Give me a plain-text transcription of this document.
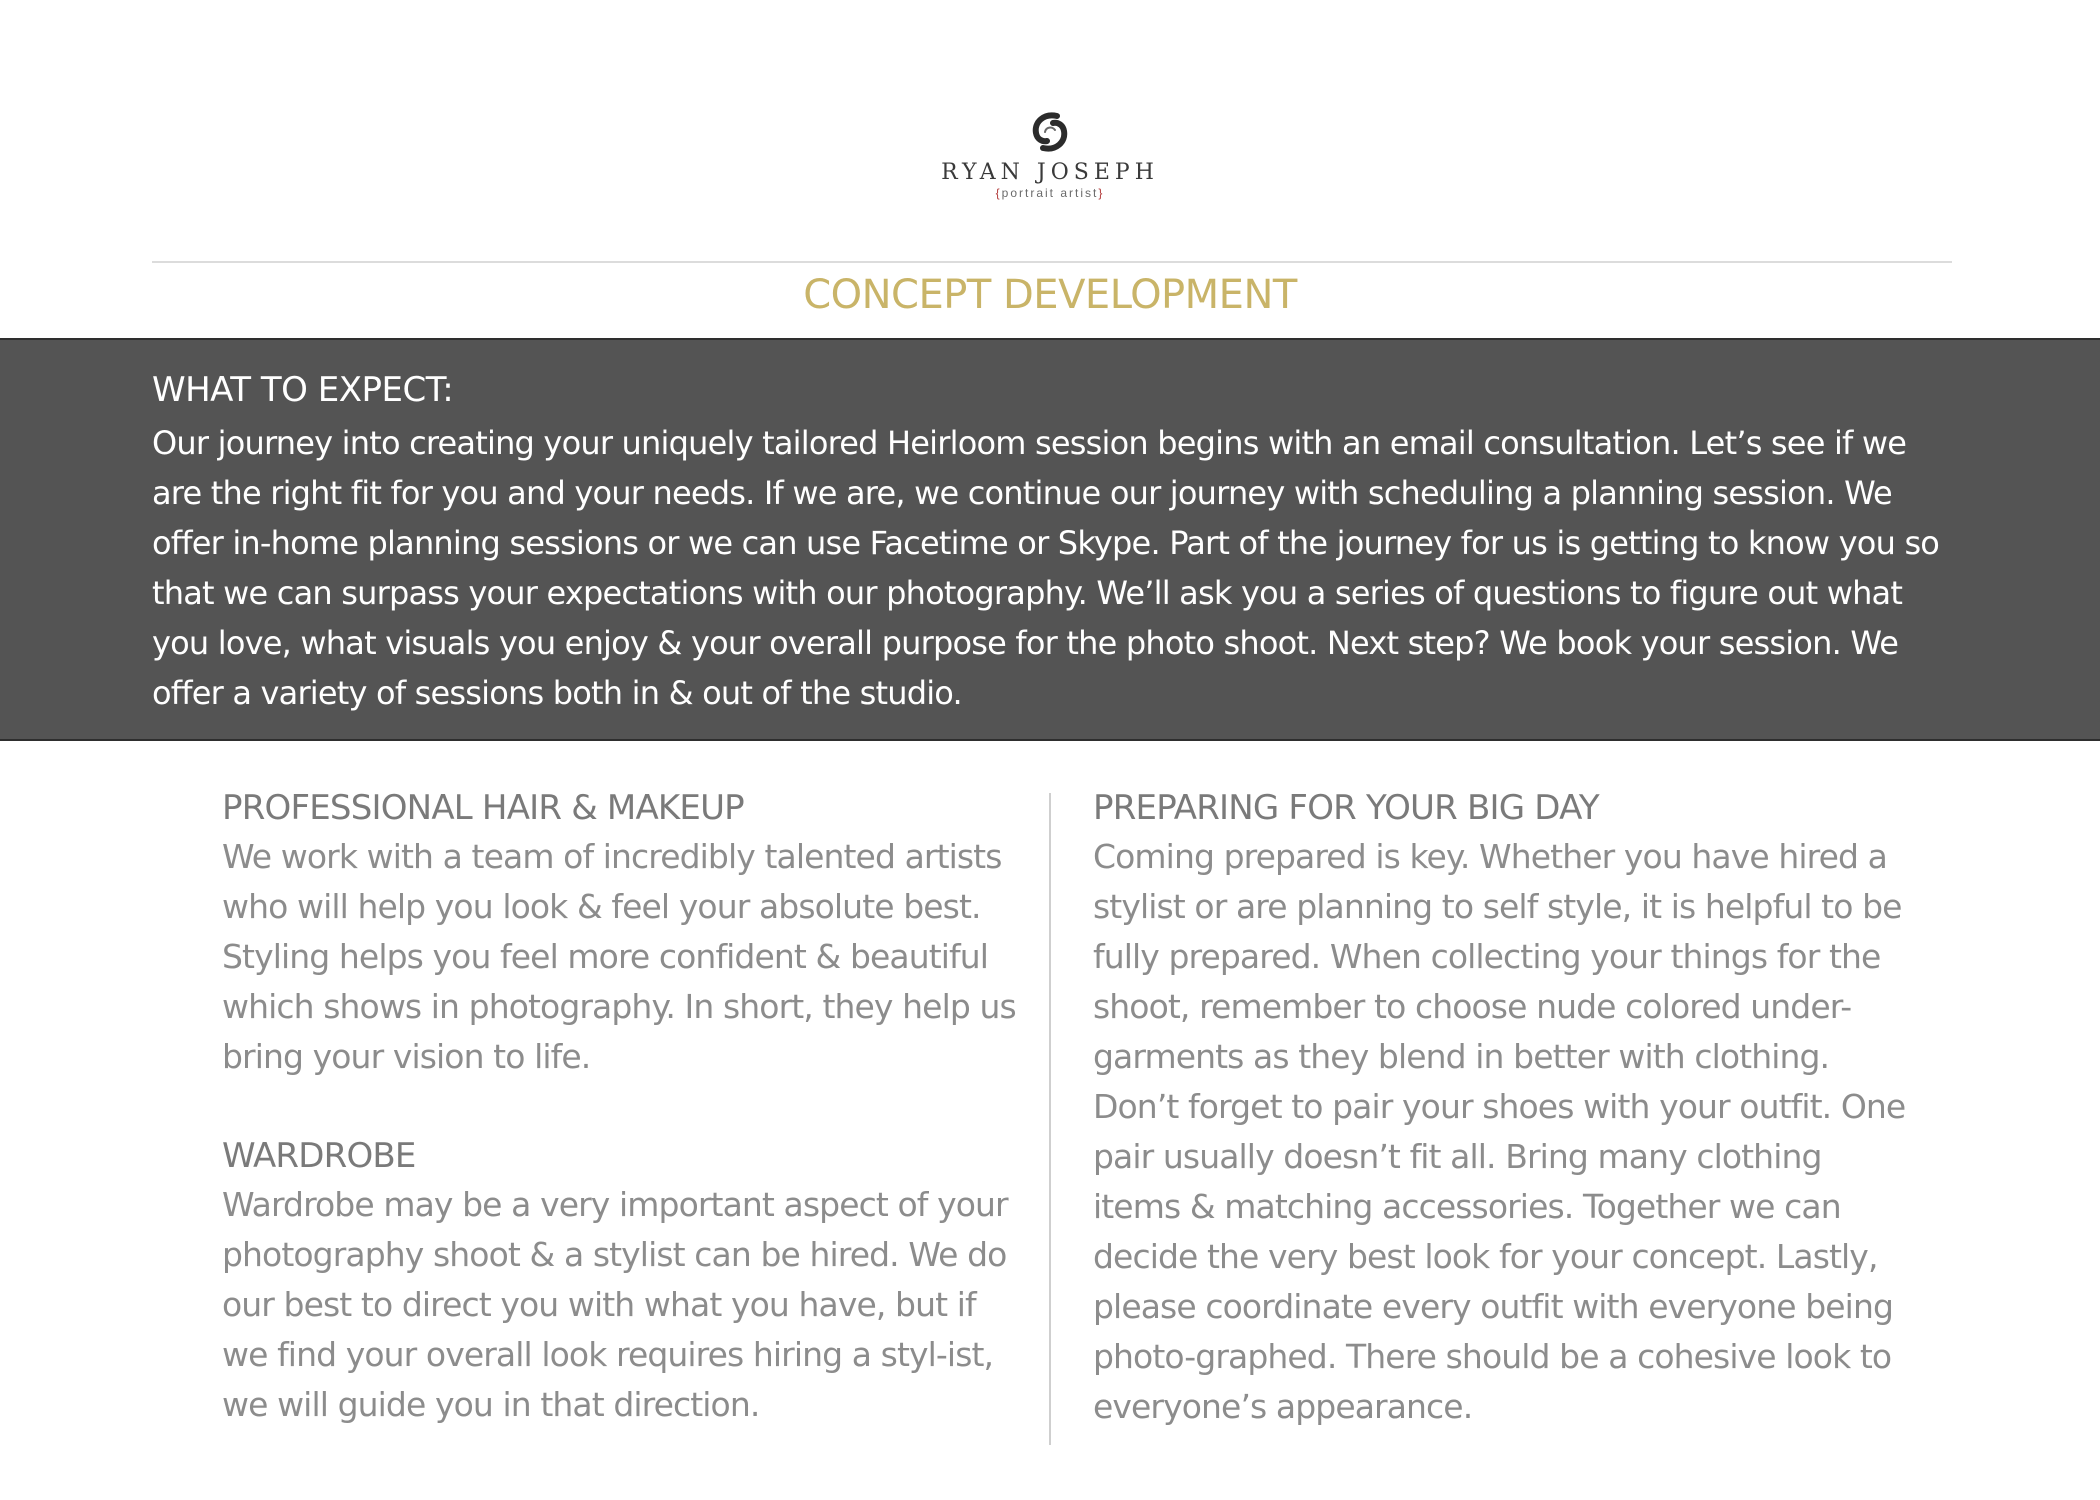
RYAN JOSEPH
{portrait artist}
CONCEPT DEVELOPMENT
WHAT TO EXPECT:

Our journey into creating your uniquely tailored Heirloom session begins with an email consultation. Let’s see if we are the right fit for you and your needs. If we are, we continue our journey with scheduling a planning session. We offer in-home planning sessions or we can use Facetime or Skype. Part of the journey for us is getting to know you so that we can surpass your expectations with our photography. We’ll ask you a series of questions to figure out what you love, what visuals you enjoy & your overall purpose for the photo shoot. Next step? We book your session. We offer a variety of sessions both in & out of the studio.

PROFESSIONAL HAIR & MAKEUP

We work with a team of incredibly talented artists who will help you look & feel your absolute best. Styling helps you feel more confident & beautiful which shows in photography. In short, they help us bring your vision to life.

WARDROBE

Wardrobe may be a very important aspect of your photography shoot & a stylist can be hired. We do our best to direct you with what you have, but if we find your overall look requires hiring a styl-ist, we will guide you in that direction.

PREPARING FOR YOUR BIG DAY

Coming prepared is key. Whether you have hired a stylist or are planning to self style, it is helpful to be fully prepared. When collecting your things for the shoot, remember to choose nude colored under-garments as they blend in better with clothing. Don’t forget to pair your shoes with your outfit. One pair usually doesn’t fit all. Bring many clothing items & matching accessories. Together we can decide the very best look for your concept. Lastly, please coordinate every outfit with everyone being photo-graphed. There should be a cohesive look to everyone’s appearance.
